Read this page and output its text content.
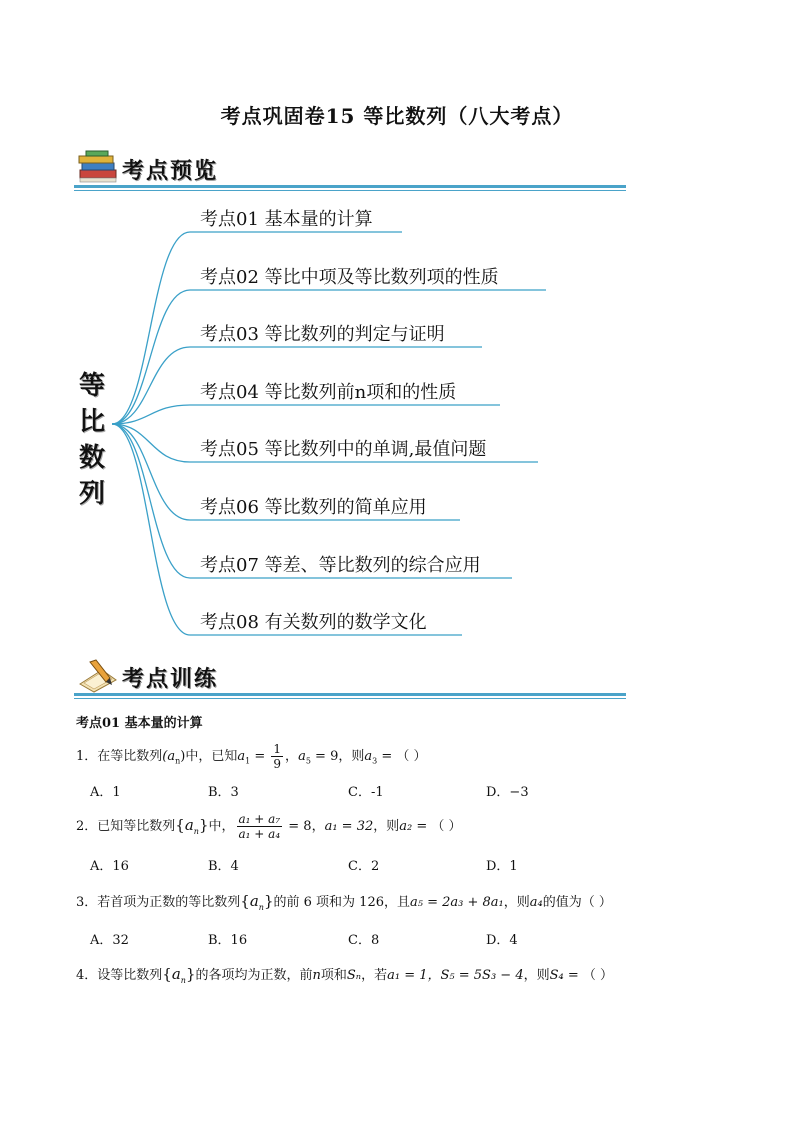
考点巩固卷15 等比数列（八大考点）
考点预览
等
比
数
列
考点01 基本量的计算
考点02 等比中项及等比数列项的性质
考点03 等比数列的判定与证明
考点04 等比数列前n项和的性质
考点05 等比数列中的单调,最值问题
考点06 等比数列的简单应用
考点07 等差、等比数列的综合应用
考点08 有关数列的数学文化
考点训练
考点01 基本量的计算
1．在等比数列$(a_n)$中，已知$a_1 = \frac{1}{9}$ ，$a_5 = 9$，则$a_3$ = （ ）
A．1	B．3	C．-1	D．−3
2．已知等比数列$\{a_n\}$中， $\frac{\text{a₁ + a₇}}{\text{a₁ + a₄}} = 8$，a₁ = 32，则a₂ = （ ）
A．16	B．4	C．2	D．1
3．若首项为正数的等比数列$\{a_n\}$的前 6 项和为 126，且a₅ = 2a₃ + 8a₁，则a₄的值为（ ）
A．32	B．16	C．8	D．4
4．设等比数列$\{a_n\}$的各项均为正数，前n项和Sₙ，若a₁ = 1，S₅ = 5S₃ − 4，则S₄ = （ ）
